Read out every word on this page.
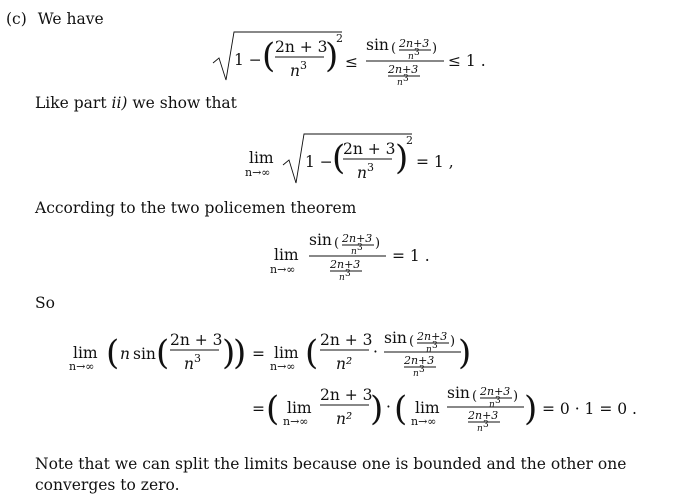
(c) We have
Like part ii) we show that
According to the two policemen theorem
So
Note that we can split the limits because one is bounded and the other one converges to zero.
1 − ( 2n + 3
n 3 )
2
≤
sin ( 2n+3
n 3 )
2n+3
n 3
≤ 1 .
lim
n→∞
1 − (
2n + 3
n 3 )
2
= 1 ,
lim
n→∞
sin ( 2n+3
n 3 )
2n+3
n 3
= 1 .
lim
n→∞ ( n sin ( 2n + 3
n 3 )
) = lim
n→∞ ( 2n + 3
n²
·
sin ( 2n+3
n 3 )
2n+3
n 3 )
= ( lim
n→∞
2n + 3
n² ) · ( lim
n→∞
sin ( 2n+3
n 3 )
2n+3
n 3 ) = 0 · 1 = 0 .
